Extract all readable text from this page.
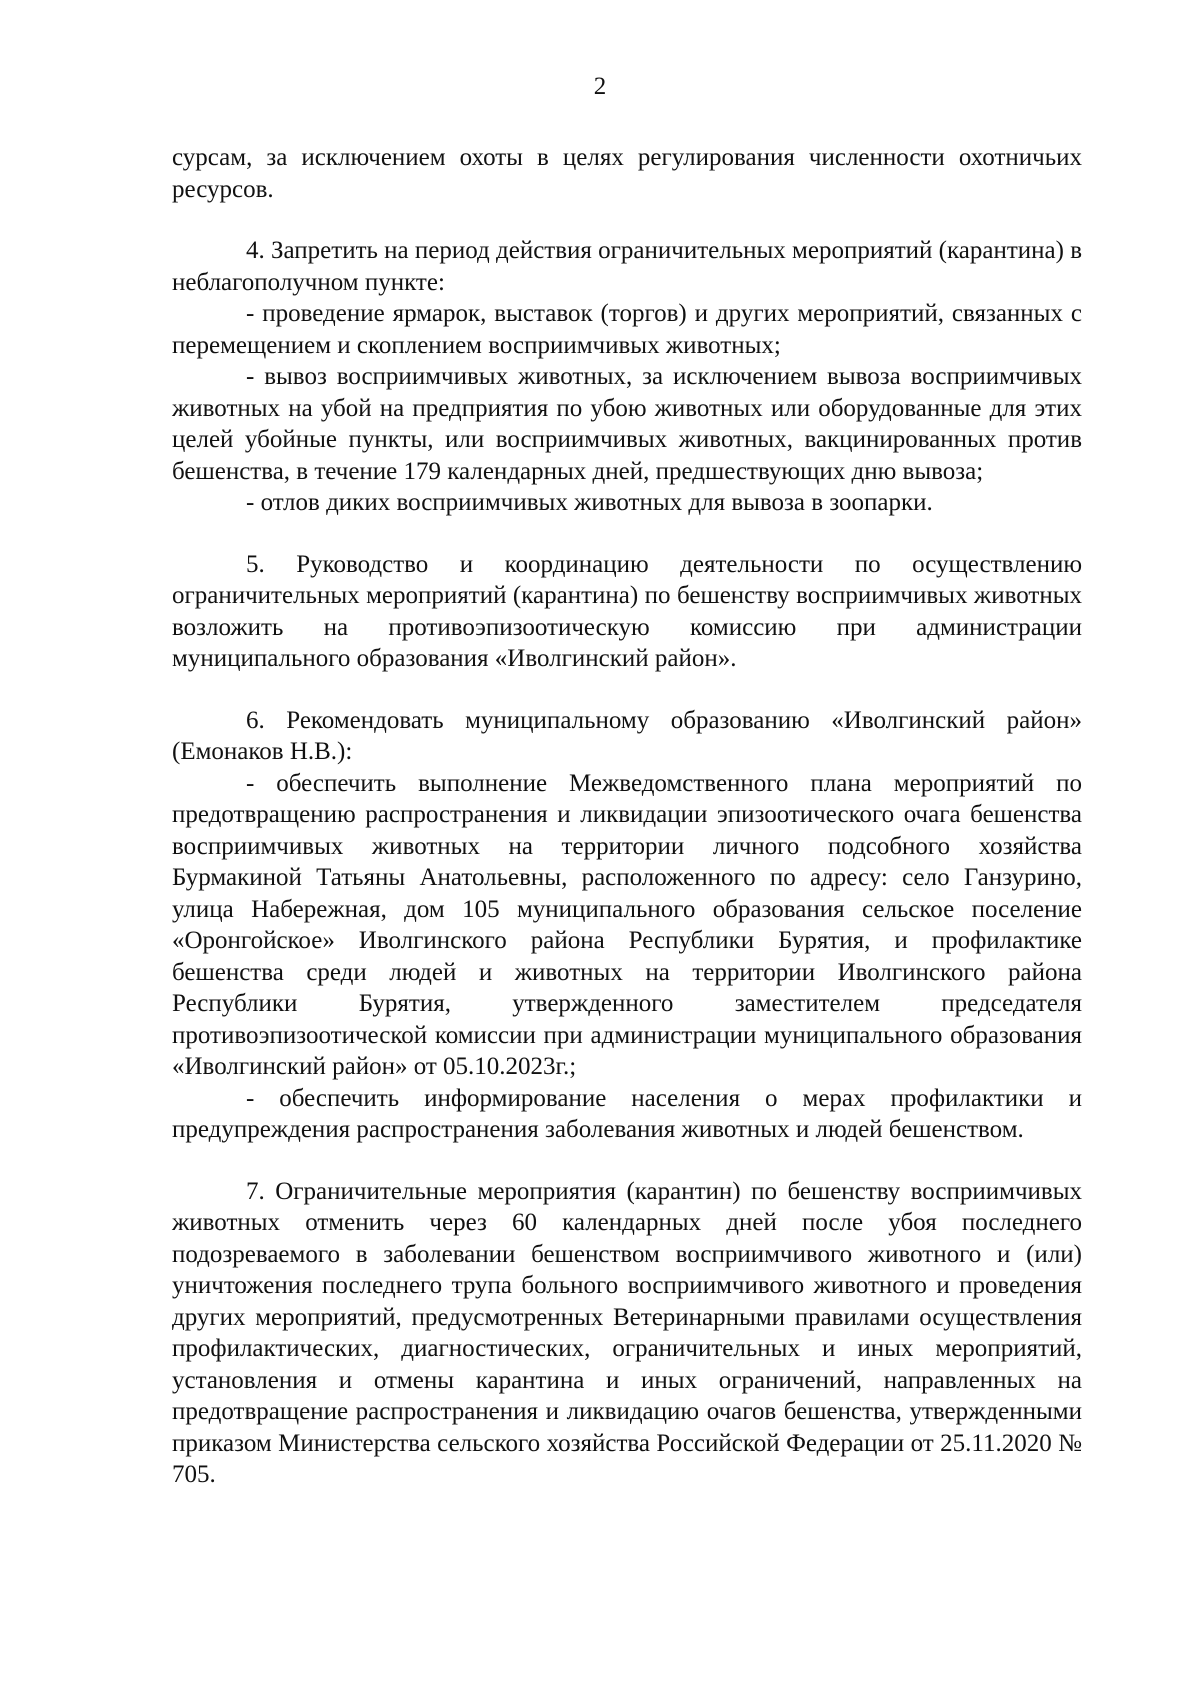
2

сурсам, за исключением охоты в целях регулирования численности охотничьих ресурсов.

4. Запретить на период действия ограничительных мероприятий (карантина) в неблагополучном пункте:

- проведение ярмарок, выставок (торгов) и других мероприятий, связанных с перемещением и скоплением восприимчивых животных;

- вывоз восприимчивых животных, за исключением вывоза восприимчивых животных на убой на предприятия по убою животных или оборудованные для этих целей убойные пункты, или восприимчивых животных, вакцинированных против бешенства, в течение 179 календарных дней, предшествующих дню вывоза;

- отлов диких восприимчивых животных для вывоза в зоопарки.

5. Руководство и координацию деятельности по осуществлению ограничительных мероприятий (карантина) по бешенству восприимчивых животных возложить на противоэпизоотическую комиссию при администрации муниципального образования «Иволгинский район».

6. Рекомендовать муниципальному образованию «Иволгинский район» (Емонаков Н.В.):

- обеспечить выполнение Межведомственного плана мероприятий по предотвращению распространения и ликвидации эпизоотического очага бешенства восприимчивых животных на территории личного подсобного хозяйства Бурмакиной Татьяны Анатольевны, расположенного по адресу: село Ганзурино, улица Набережная, дом 105 муниципального образования сельское поселение «Оронгойское» Иволгинского района Республики Бурятия, и профилактике бешенства среди людей и животных на территории Иволгинского района Республики Бурятия, утвержденного заместителем председателя противоэпизоотической комиссии при администрации муниципального образования «Иволгинский район» от 05.10.2023г.;

- обеспечить информирование населения о мерах профилактики и предупреждения распространения заболевания животных и людей бешенством.

7. Ограничительные мероприятия (карантин) по бешенству восприимчивых животных отменить через 60 календарных дней после убоя последнего подозреваемого в заболевании бешенством восприимчивого животного и (или) уничтожения последнего трупа больного восприимчивого животного и проведения других мероприятий, предусмотренных Ветеринарными правилами осуществления профилактических, диагностических, ограничительных и иных мероприятий, установления и отмены карантина и иных ограничений, направленных на предотвращение распространения и ликвидацию очагов бешенства, утвержденными приказом Министерства сельского хозяйства Российской Федерации от 25.11.2020 № 705.
